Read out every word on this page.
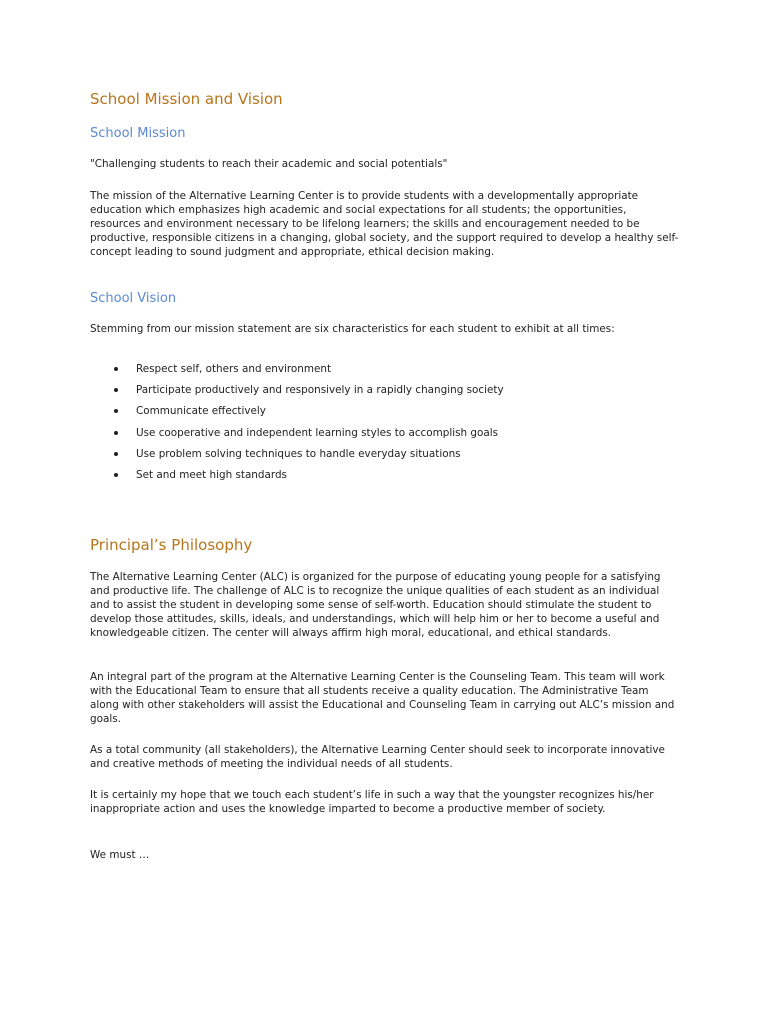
School Mission and Vision
School Mission

"Challenging students to reach their academic and social potentials"

The mission of the Alternative Learning Center is to provide students with a developmentally appropriate education which emphasizes high academic and social expectations for all students; the opportunities, resources and environment necessary to be lifelong learners; the skills and encouragement needed to be productive, responsible citizens in a changing, global society, and the support required to develop a healthy self-concept leading to sound judgment and appropriate, ethical decision making.

School Vision

Stemming from our mission statement are six characteristics for each student to exhibit at all times:

Respect self, others and environment
Participate productively and responsively in a rapidly changing society
Communicate effectively
Use cooperative and independent learning styles to accomplish goals
Use problem solving techniques to handle everyday situations
Set and meet high standards
Principal’s Philosophy

The Alternative Learning Center (ALC) is organized for the purpose of educating young people for a satisfying and productive life. The challenge of ALC is to recognize the unique qualities of each student as an individual and to assist the student in developing some sense of self-worth. Education should stimulate the student to develop those attitudes, skills, ideals, and understandings, which will help him or her to become a useful and knowledgeable citizen. The center will always affirm high moral, educational, and ethical standards.

An integral part of the program at the Alternative Learning Center is the Counseling Team. This team will work with the Educational Team to ensure that all students receive a quality education. The Administrative Team along with other stakeholders will assist the Educational and Counseling Team in carrying out ALC’s mission and goals.

As a total community (all stakeholders), the Alternative Learning Center should seek to incorporate innovative and creative methods of meeting the individual needs of all students.

It is certainly my hope that we touch each student’s life in such a way that the youngster recognizes his/her inappropriate action and uses the knowledge imparted to become a productive member of society.

We must …
